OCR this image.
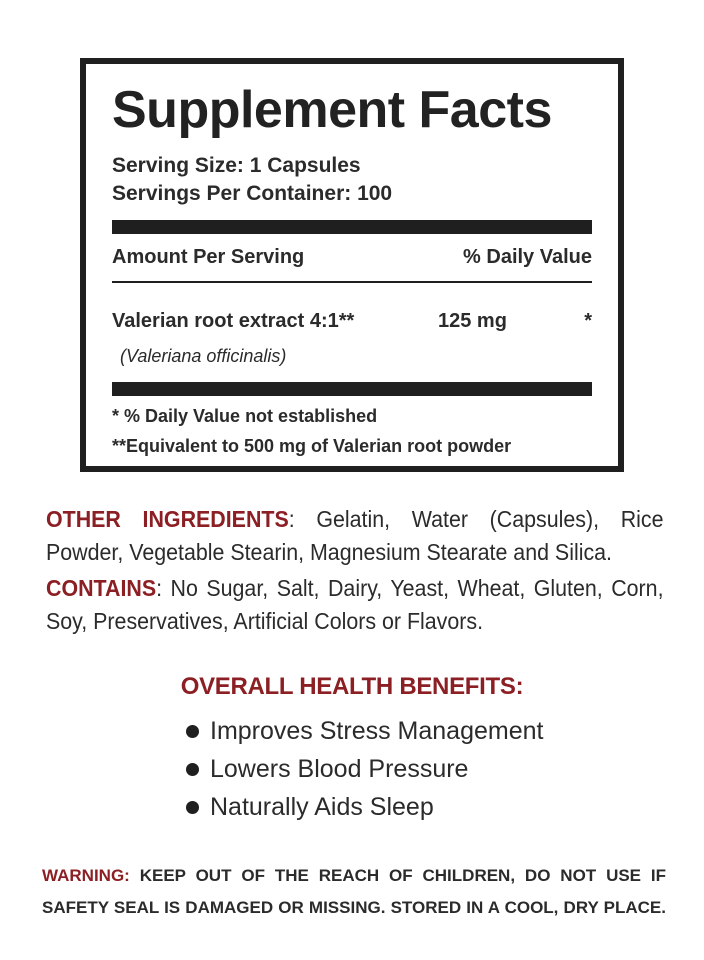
Supplement Facts
Serving Size: 1 Capsules
Servings Per Container: 100
Amount Per Serving	% Daily Value
Valerian root extract 4:1**	125 mg	*
(Valeriana officinalis)
* % Daily Value not established
**Equivalent to 500 mg of Valerian root powder
OTHER INGREDIENTS: Gelatin, Water (Capsules), Rice Powder, Vegetable Stearin, Magnesium Stearate and Silica.
CONTAINS: No Sugar, Salt, Dairy, Yeast, Wheat, Gluten, Corn, Soy, Preservatives, Artificial Colors or Flavors.
OVERALL HEALTH BENEFITS:
Improves Stress Management
Lowers Blood Pressure
Naturally Aids Sleep
WARNING: KEEP OUT OF THE REACH OF CHILDREN, DO NOT USE IF
SAFETY SEAL IS DAMAGED OR MISSING. STORED IN A COOL, DRY PLACE.
